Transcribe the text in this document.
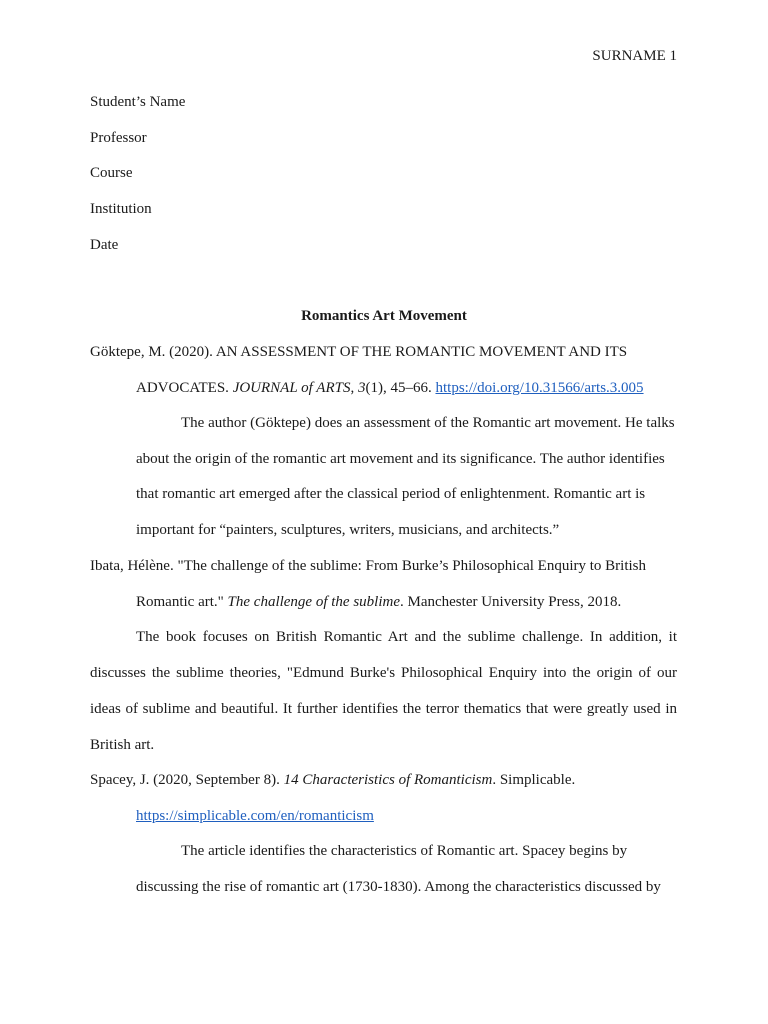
SURNAME 1
Student’s Name
Professor
Course
Institution
Date
Romantics Art Movement
Göktepe, M. (2020). AN ASSESSMENT OF THE ROMANTIC MOVEMENT AND ITS
ADVOCATES. JOURNAL of ARTS, 3(1), 45–66. https://doi.org/10.31566/arts.3.005
The author (Göktepe) does an assessment of the Romantic art movement. He talks
about the origin of the romantic art movement and its significance. The author identifies
that romantic art emerged after the classical period of enlightenment. Romantic art is
important for “painters, sculptures, writers, musicians, and architects.”
Ibata, Hélène. "The challenge of the sublime: From Burke’s Philosophical Enquiry to British
Romantic art." The challenge of the sublime. Manchester University Press, 2018.
The book focuses on British Romantic Art and the sublime challenge. In addition, it
discusses the sublime theories, "Edmund Burke's Philosophical Enquiry into the origin of our
ideas of sublime and beautiful. It further identifies the terror thematics that were greatly used in
British art.
Spacey, J. (2020, September 8). 14 Characteristics of Romanticism. Simplicable.
https://simplicable.com/en/romanticism
The article identifies the characteristics of Romantic art. Spacey begins by
discussing the rise of romantic art (1730-1830). Among the characteristics discussed by
